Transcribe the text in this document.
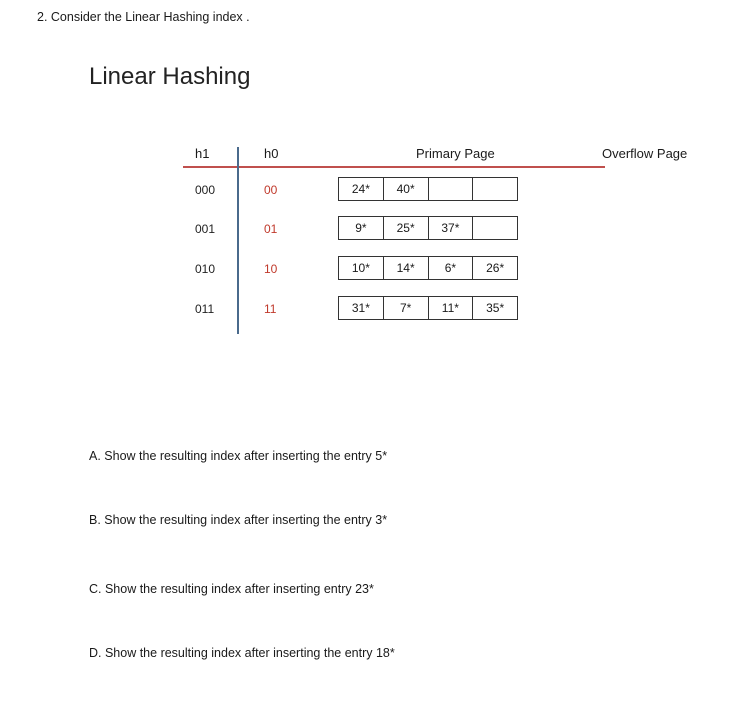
2. Consider the Linear Hashing index .
Linear Hashing
h1	h0	Primary Page	Overflow Page
000	00	24*	40*
001	01	9*	25*	37*
010	10	10*	14*	6*	26*
011	11	31*	7*	11*	35*
A. Show the resulting index after inserting the entry 5*
B. Show the resulting index after inserting the entry 3*
C. Show the resulting index after inserting entry 23*
D. Show the resulting index after inserting the entry 18*
